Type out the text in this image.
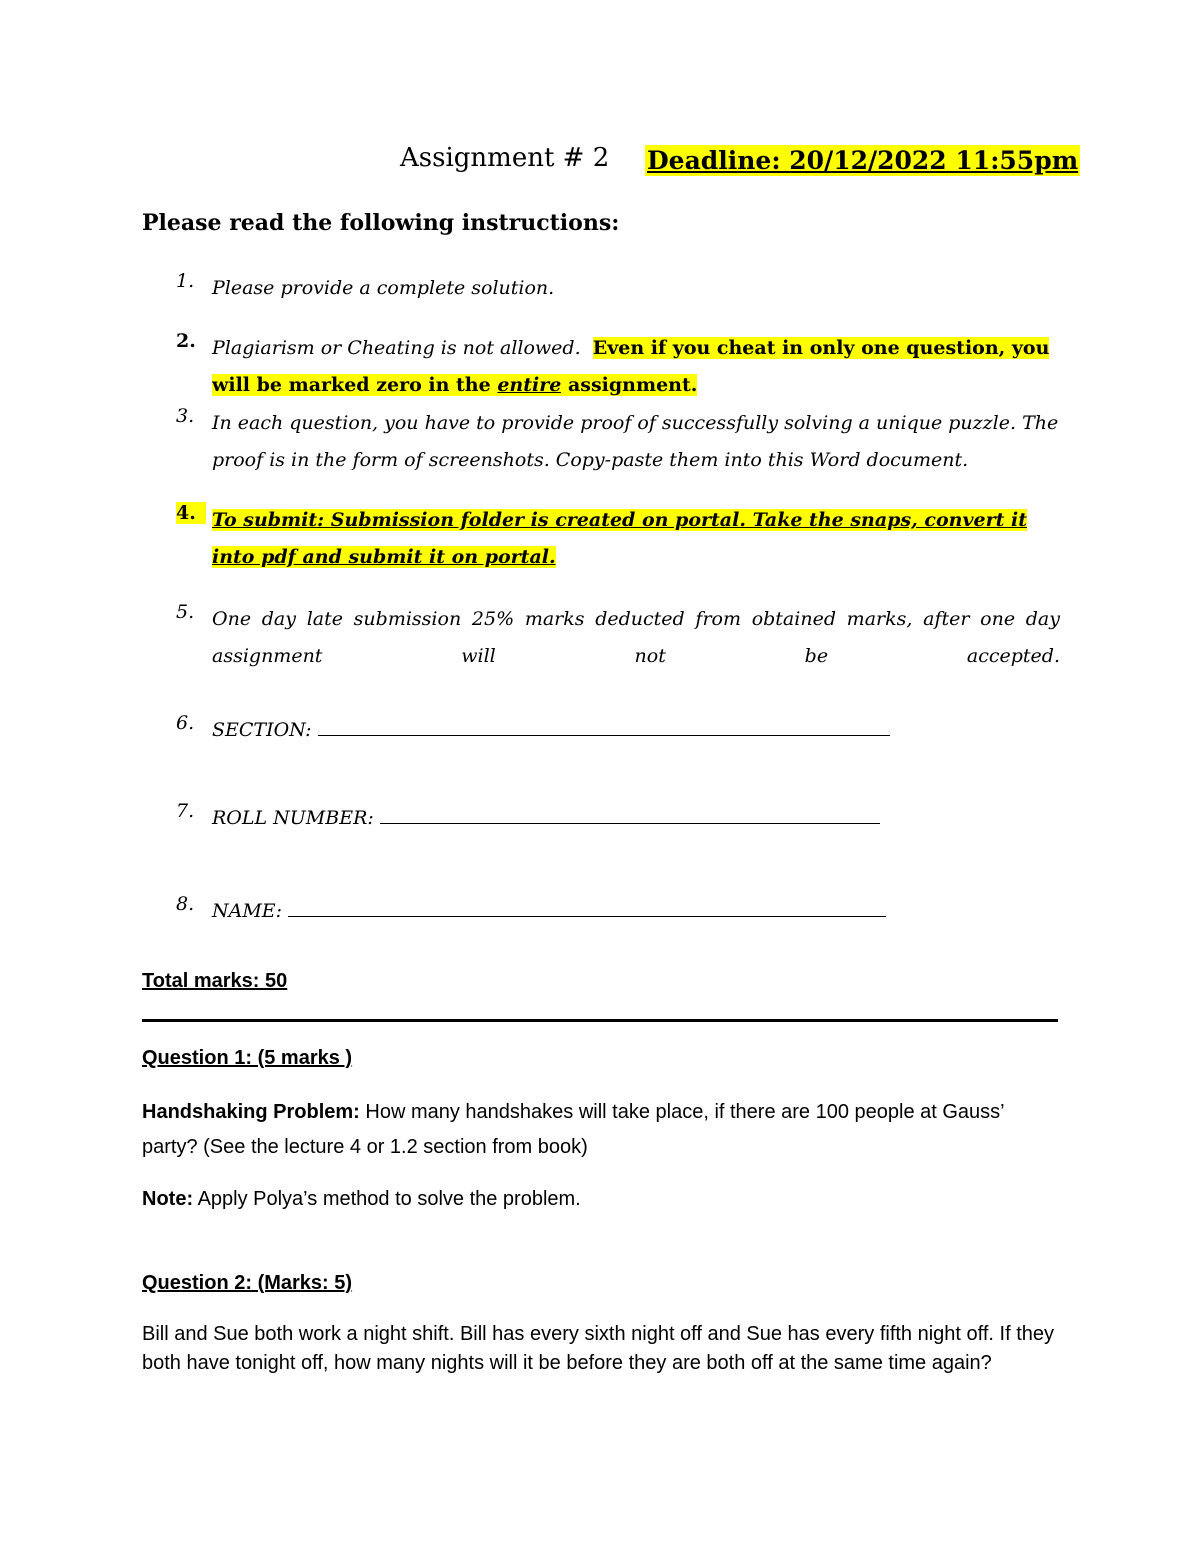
Assignment # 2 Deadline: 20/12/2022 11:55pm
Please read the following instructions:
1. Please provide a complete solution.
2. Plagiarism or Cheating is not allowed. Even if you cheat in only one question, you will be marked zero in the entire assignment.
3. In each question, you have to provide proof of successfully solving a unique puzzle. The proof is in the form of screenshots. Copy-paste them into this Word document.
4. To submit: Submission folder is created on portal. Take the snaps, convert it into pdf and submit it on portal.
5. One day late submission 25% marks deducted from obtained marks, after one day assignment will not be accepted.
6. SECTION:
7. ROLL NUMBER:
8. NAME:
Total marks: 50
Question 1: (5 marks )
Handshaking Problem: How many handshakes will take place, if there are 100 people at Gauss’ party? (See the lecture 4 or 1.2 section from book)
Note: Apply Polya’s method to solve the problem.
Question 2: (Marks: 5)
Bill and Sue both work a night shift. Bill has every sixth night off and Sue has every fifth night off. If they both have tonight off, how many nights will it be before they are both off at the same time again?
